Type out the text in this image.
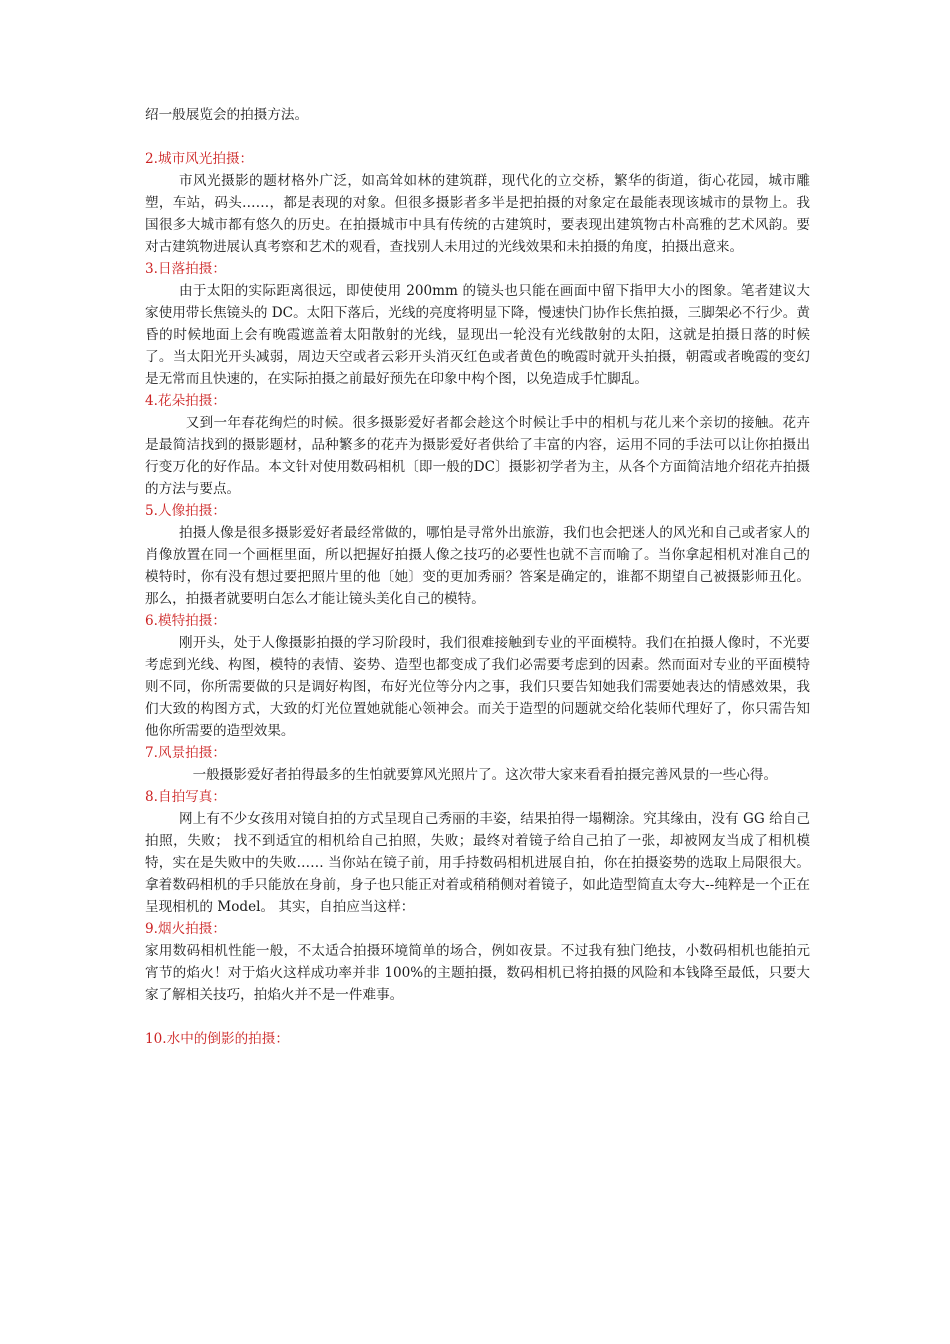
绍一般展览会的拍摄方法。

2.城市风光拍摄：

市风光摄影的题材格外广泛，如高耸如林的建筑群，现代化的立交桥，繁华的街道，街心花园，城市雕塑，车站，码头……，都是表现的对象。但很多摄影者多半是把拍摄的对象定在最能表现该城市的景物上。我国很多大城市都有悠久的历史。在拍摄城市中具有传统的古建筑时，要表现出建筑物古朴高雅的艺术风韵。要对古建筑物进展认真考察和艺术的观看，查找别人未用过的光线效果和未拍摄的角度，拍摄出意来。

3.日落拍摄：

由于太阳的实际距离很远，即使使用 200mm 的镜头也只能在画面中留下指甲大小的图象。笔者建议大家使用带长焦镜头的 DC。太阳下落后，光线的亮度将明显下降，慢速快门协作长焦拍摄，三脚架必不行少。黄昏的时候地面上会有晚霞遮盖着太阳散射的光线，显现出一轮没有光线散射的太阳，这就是拍摄日落的时候了。当太阳光开头减弱，周边天空或者云彩开头消灭红色或者黄色的晚霞时就开头拍摄，朝霞或者晚霞的变幻是无常而且快速的，在实际拍摄之前最好预先在印象中构个图，以免造成手忙脚乱。

4.花朵拍摄：

又到一年春花绚烂的时候。很多摄影爱好者都会趁这个时候让手中的相机与花儿来个亲切的接触。花卉是最简洁找到的摄影题材，品种繁多的花卉为摄影爱好者供给了丰富的内容，运用不同的手法可以让你拍摄出行变万化的好作品。本文针对使用数码相机〔即一般的DC〕摄影初学者为主，从各个方面简洁地介绍花卉拍摄的方法与要点。

5.人像拍摄：

拍摄人像是很多摄影爱好者最经常做的，哪怕是寻常外出旅游，我们也会把迷人的风光和自己或者家人的肖像放置在同一个画框里面，所以把握好拍摄人像之技巧的必要性也就不言而喻了。当你拿起相机对准自己的模特时，你有没有想过要把照片里的他〔她〕变的更加秀丽？答案是确定的，谁都不期望自己被摄影师丑化。那么，拍摄者就要明白怎么才能让镜头美化自己的模特。

6.模特拍摄：

刚开头，处于人像摄影拍摄的学习阶段时，我们很难接触到专业的平面模特。我们在拍摄人像时，不光要考虑到光线、构图，模特的表情、姿势、造型也都变成了我们必需要考虑到的因素。然而面对专业的平面模特则不同，你所需要做的只是调好构图，布好光位等分内之事，我们只要告知她我们需要她表达的情感效果，我们大致的构图方式，大致的灯光位置她就能心领神会。而关于造型的问题就交给化装师代理好了，你只需告知他你所需要的造型效果。

7.风景拍摄：

一般摄影爱好者拍得最多的生怕就要算风光照片了。这次带大家来看看拍摄完善风景的一些心得。

8.自拍写真：

网上有不少女孩用对镜自拍的方式呈现自己秀丽的丰姿，结果拍得一塌糊涂。究其缘由，没有 GG 给自己拍照，失败； 找不到适宜的相机给自己拍照，失败；最终对着镜子给自己拍了一张，却被网友当成了相机模特，实在是失败中的失败…… 当你站在镜子前，用手持数码相机进展自拍，你在拍摄姿势的选取上局限很大。拿着数码相机的手只能放在身前，身子也只能正对着或稍稍侧对着镜子，如此造型简直太夸大--纯粹是一个正在呈现相机的 Model。 其实，自拍应当这样：

9.烟火拍摄：

家用数码相机性能一般，不太适合拍摄环境简单的场合，例如夜景。不过我有独门绝技，小数码相机也能拍元宵节的焰火！对于焰火这样成功率并非 100%的主题拍摄，数码相机已将拍摄的风险和本钱降至最低，只要大家了解相关技巧，拍焰火并不是一件难事。

10.水中的倒影的拍摄：
